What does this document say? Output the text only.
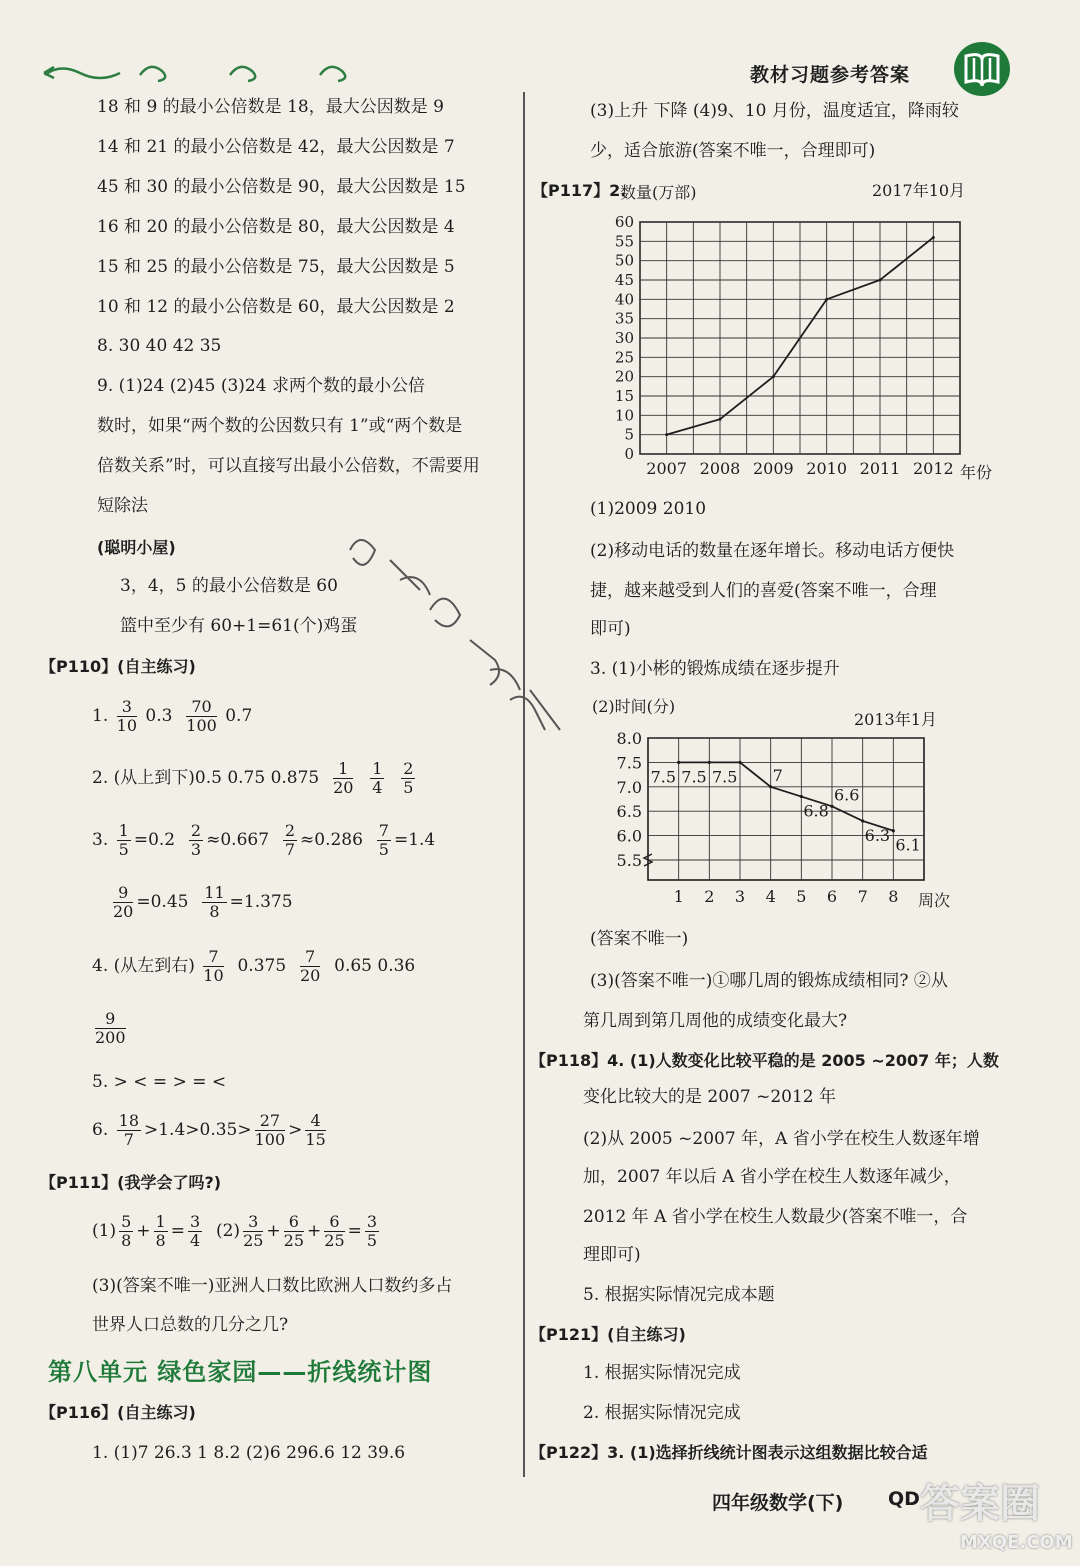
教材习题参考答案
18 和 9 的最小公倍数是 18，最大公因数是 9
14 和 21 的最小公倍数是 42，最大公因数是 7
45 和 30 的最小公倍数是 90，最大公因数是 15
16 和 20 的最小公倍数是 80，最大公因数是 4
15 和 25 的最小公倍数是 75，最大公因数是 5
10 和 12 的最小公倍数是 60，最大公因数是 2
8. 30 40 42 35
9. (1)24 (2)45 (3)24 求两个数的最小公倍
数时，如果“两个数的公因数只有 1”或“两个数是
倍数关系”时，可以直接写出最小公倍数，不需要用
短除法
(聪明小屋)
3，4，5 的最小公倍数是 60
篮中至少有 60+1=61(个)鸡蛋
【P110】(自主练习)
1. $\frac{3}{10} 0.3 \frac{70}{100} 0.7$
2. (从上到下)0.5 0.75 $0.875 \frac{1}{20}$
$\frac{1}{4}$
$\frac{2}{5}$
3. $\frac{1}{5} =0.2 \frac{2}{3} \approx 0.667 \frac{2}{7} \approx 0.286 \frac{7}{5} =1.4$
$\frac{9}{20} =0.45 \frac{11}{8} =1.375$
4. (从左到右) $\frac{7}{10} 0.375 \frac{7}{20} 0.65$ 0.36
$\frac{9}{200}$
5. > < = > = <
6. $\frac{18}{7} >1.4>0.35> \frac{27}{100} > \frac{4}{15}$
【P111】(我学会了吗?)
$(1) \frac{5}{8} + \frac{1}{8} = \frac{3}{4} (2) \frac{3}{25} + \frac{6}{25} + \frac{6}{25} = \frac{3}{5}$
(3)(答案不唯一)亚洲人口数比欧洲人口数约多占
世界人口总数的几分之几?
第八单元 绿色家园——折线统计图
【P116】(自主练习)
1. (1)7 26.3 1 8.2 (2)6 296.6 12 39.6
(3)上升 下降 (4)9、10 月份，温度适宜，降雨较
少，适合旅游(答案不唯一，合理即可)
【P117】2.
0
5
10
15
20
25
30
35
40
45
50
55
60
2007 2008 2009 2010 2011 2012
数量(万部)	2017年10月
年份
(1)2009 2010
(2)移动电话的数量在逐年增长。移动电话方便快
捷，越来越受到人们的喜爱(答案不唯一，合理
即可)
3. (1)小彬的锻炼成绩在逐步提升
7.5 7.5 7.5 7
6.8
6.6
6.3
6.1
5.5
6.0
6.5
7.0
7.5
8.0
1 2 3 4 5 6 7 8
(2)时间(分)
2013年1月
周次
(答案不唯一)
(3)(答案不唯一)①哪几周的锻炼成绩相同? ②从
第几周到第几周他的成绩变化最大?
【P118】4. (1)人数变化比较平稳的是 2005 ~2007 年；人数
变化比较大的是 2007 ~2012 年
(2)从 2005 ~2007 年，A 省小学在校生人数逐年增
加，2007 年以后 A 省小学在校生人数逐年减少，
2012 年 A 省小学在校生人数最少(答案不唯一，合
理即可)
5. 根据实际情况完成本题
【P121】(自主练习)
1. 根据实际情况完成
2. 根据实际情况完成
【P122】3. (1)选择折线统计图表示这组数据比较合适
四年级数学(下) QD 答案圈
MXQE.COM
